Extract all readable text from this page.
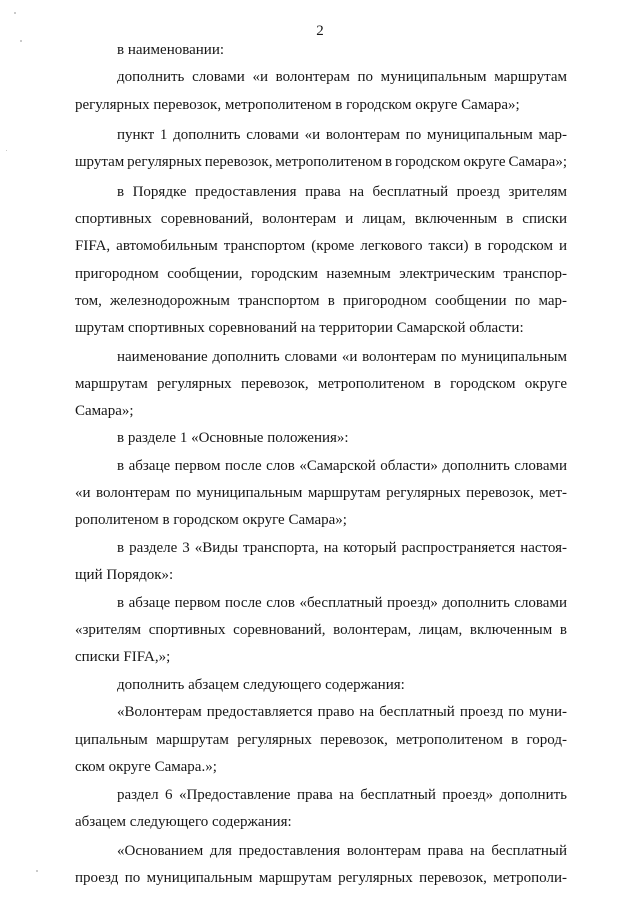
2
в наименовании:
дополнить словами «и волонтерам по муниципальным маршрутам
регулярных перевозок, метрополитеном в городском округе Самара»;
пункт 1 дополнить словами «и волонтерам по муниципальным мар-
шрутам регулярных перевозок, метрополитеном в городском округе Самара»;
в Порядке предоставления права на бесплатный проезд зрителям
спортивных соревнований, волонтерам и лицам, включенным в списки
FIFA, автомобильным транспортом (кроме легкового такси) в городском и
пригородном сообщении, городским наземным электрическим транспор-
том, железнодорожным транспортом в пригородном сообщении по мар-
шрутам спортивных соревнований на территории Самарской области:
наименование дополнить словами «и волонтерам по муниципальным
маршрутам регулярных перевозок, метрополитеном в городском округе
Самара»;
в разделе 1 «Основные положения»:
в абзаце первом после слов «Самарской области» дополнить словами
«и волонтерам по муниципальным маршрутам регулярных перевозок, мет-
рополитеном в городском округе Самара»;
в разделе 3 «Виды транспорта, на который распространяется настоя-
щий Порядок»:
в абзаце первом после слов «бесплатный проезд» дополнить словами
«зрителям спортивных соревнований, волонтерам, лицам, включенным в
списки FIFA,»;
дополнить абзацем следующего содержания:
«Волонтерам предоставляется право на бесплатный проезд по муни-
ципальным маршрутам регулярных перевозок, метрополитеном в город-
ском округе Самара.»;
раздел 6 «Предоставление права на бесплатный проезд» дополнить
абзацем следующего содержания:
«Основанием для предоставления волонтерам права на бесплатный
проезд по муниципальным маршрутам регулярных перевозок, метрополи-
